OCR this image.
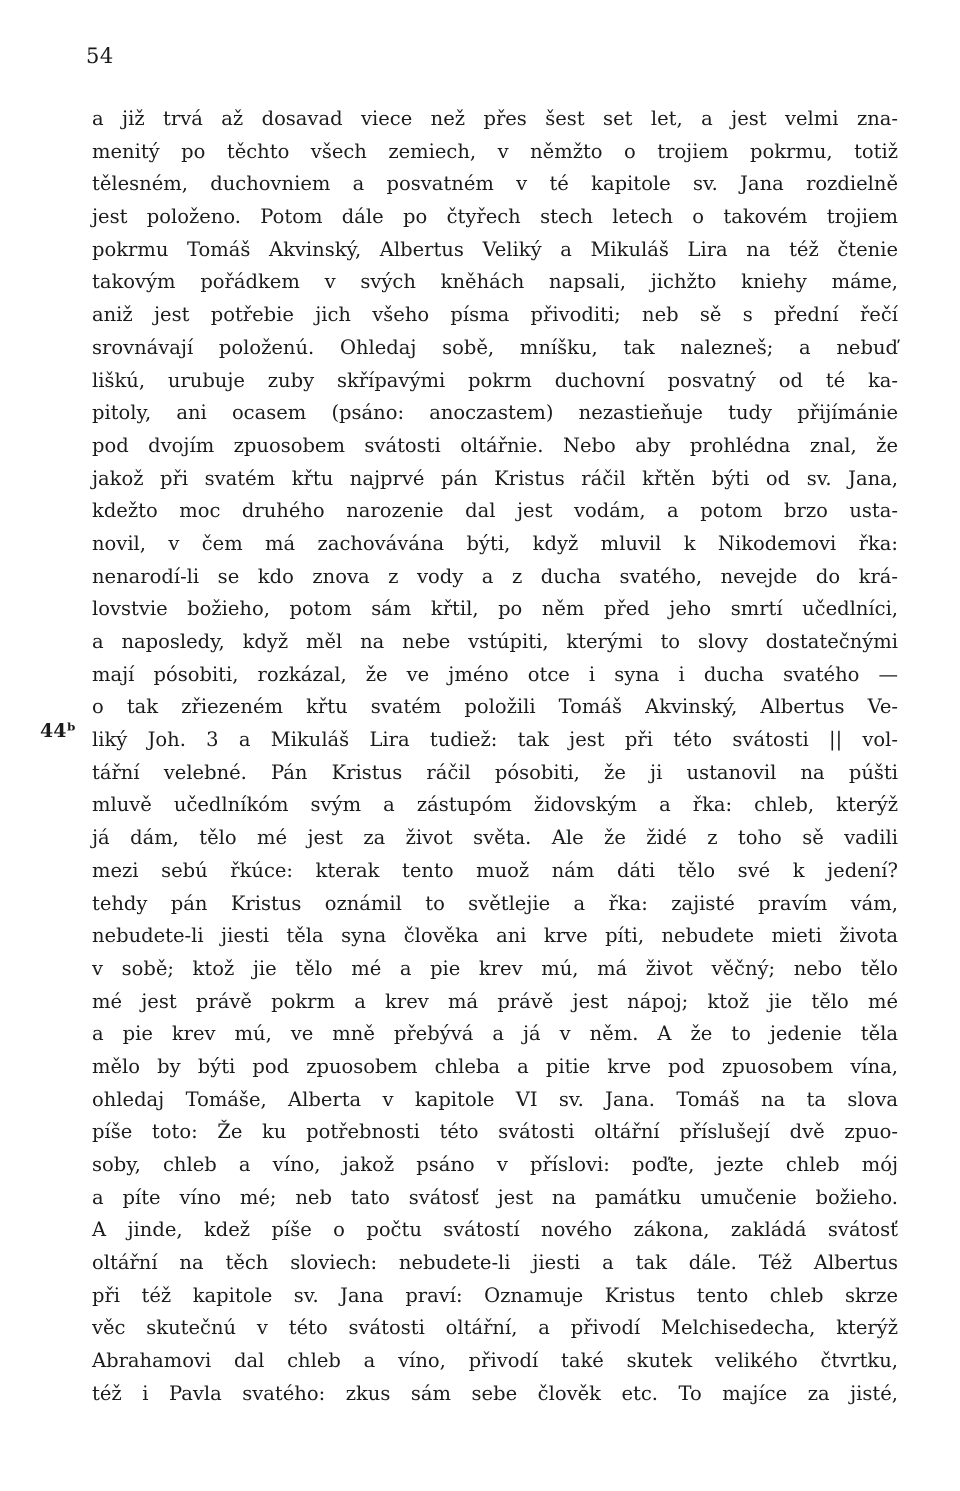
54
44ᵇ
a již trvá až dosavad viece než přes šest set let, a jest velmi zna-
menitý po těchto všech zemiech, v němžto o trojiem pokrmu, totiž
tělesném, duchovniem a posvatném v té kapitole sv. Jana rozdielně
jest položeno. Potom dále po čtyřech stech letech o takovém trojiem
pokrmu Tomáš Akvinský, Albertus Veliký a Mikuláš Lira na též čtenie
takovým pořádkem v svých kněhách napsali, jichžto kniehy máme,
aniž jest potřebie jich všeho písma přivoditi; neb sě s přední řečí
srovnávají položenú. Ohledaj sobě, mníšku, tak nalezneš; a nebuď
liškú, urubuje zuby skřípavými pokrm duchovní posvatný od té ka-
pitoly, ani ocasem (psáno: anoczastem) nezastieňuje tudy přijímánie
pod dvojím zpuosobem svátosti oltářnie. Nebo aby prohlédna znal, že
jakož při svatém křtu najprvé pán Kristus ráčil křtěn býti od sv. Jana,
kdežto moc druhého narozenie dal jest vodám, a potom brzo usta-
novil, v čem má zachovávána býti, když mluvil k Nikodemovi řka:
nenarodí-li se kdo znova z vody a z ducha svatého, nevejde do krá-
lovstvie božieho, potom sám křtil, po něm před jeho smrtí učedlníci,
a naposledy, když měl na nebe vstúpiti, kterými to slovy dostatečnými
mají pósobiti, rozkázal, že ve jméno otce i syna i ducha svatého —
o tak zřiezeném křtu svatém položili Tomáš Akvinský, Albertus Ve-
liký Joh. 3 a Mikuláš Lira tudiež: tak jest při této svátosti || vol-
tářní velebné. Pán Kristus ráčil pósobiti, že ji ustanovil na púšti
mluvě učedlníkóm svým a zástupóm židovským a řka: chleb, kterýž
já dám, tělo mé jest za život světa. Ale že židé z toho sě vadili
mezi sebú řkúce: kterak tento muož nám dáti tělo své k jedení?
tehdy pán Kristus oznámil to světlejie a řka: zajisté pravím vám,
nebudete-li jiesti těla syna člověka ani krve píti, nebudete mieti života
v sobě; ktož jie tělo mé a pie krev mú, má život věčný; nebo tělo
mé jest právě pokrm a krev má právě jest nápoj; ktož jie tělo mé
a pie krev mú, ve mně přebývá a já v něm. A že to jedenie těla
mělo by býti pod zpuosobem chleba a pitie krve pod zpuosobem vína,
ohledaj Tomáše, Alberta v kapitole VI sv. Jana. Tomáš na ta slova
píše toto: Že ku potřebnosti této svátosti oltářní příslušejí dvě zpuo-
soby, chleb a víno, jakož psáno v příslovi: poďte, jezte chleb mój
a píte víno mé; neb tato svátosť jest na památku umučenie božieho.
A jinde, kdež píše o počtu svátostí nového zákona, zakládá svátosť
oltářní na těch sloviech: nebudete-li jiesti a tak dále. Též Albertus
při též kapitole sv. Jana praví: Oznamuje Kristus tento chleb skrze
věc skutečnú v této svátosti oltářní, a přivodí Melchisedecha, kterýž
Abrahamovi dal chleb a víno, přivodí také skutek velikého čtvrtku,
též i Pavla svatého: zkus sám sebe člověk etc. To majíce za jisté,
